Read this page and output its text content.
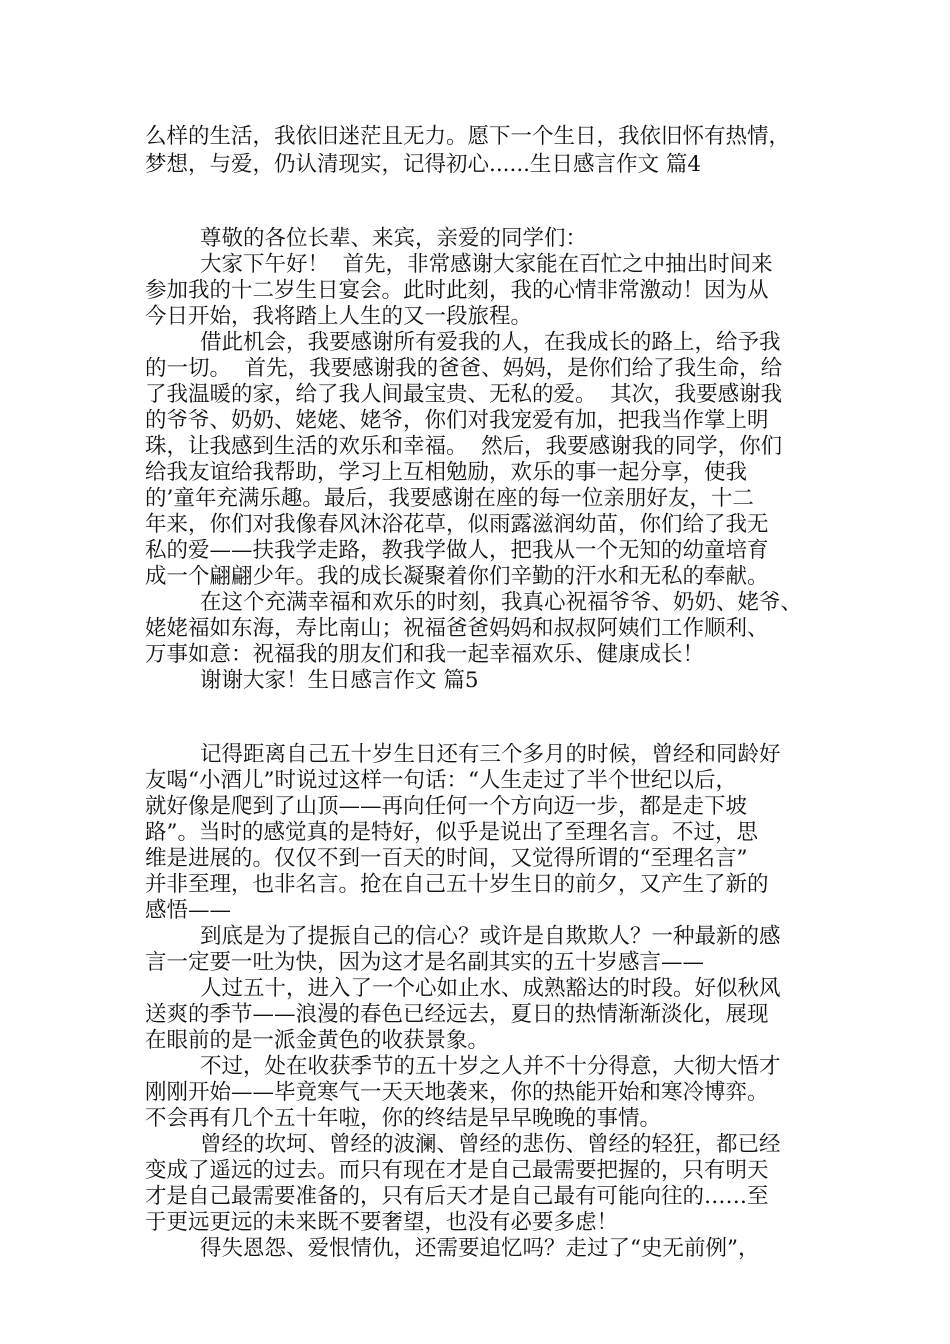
么样的生活，我依旧迷茫且无力。愿下一个生日，我依旧怀有热情，
梦想，与爱，仍认清现实，记得初心......生日感言作文 篇4
尊敬的各位长辈、来宾，亲爱的同学们：
大家下午好！  首先，非常感谢大家能在百忙之中抽出时间来
参加我的十二岁生日宴会。此时此刻，我的心情非常激动！因为从
今日开始，我将踏上人生的又一段旅程。
借此机会，我要感谢所有爱我的人，在我成长的路上，给予我
的一切。  首先，我要感谢我的爸爸、妈妈，是你们给了我生命，给
了我温暖的家，给了我人间最宝贵、无私的爱。  其次，我要感谢我
的爷爷、奶奶、姥姥、姥爷，你们对我宠爱有加，把我当作掌上明
珠，让我感到生活的欢乐和幸福。  然后，我要感谢我的同学，你们
给我友谊给我帮助，学习上互相勉励，欢乐的事一起分享，使我
的’童年充满乐趣。最后，我要感谢在座的每一位亲朋好友，十二
年来，你们对我像春风沐浴花草，似雨露滋润幼苗，你们给了我无
私的爱——扶我学走路，教我学做人，把我从一个无知的幼童培育
成一个翩翩少年。我的成长凝聚着你们辛勤的汗水和无私的奉献。
在这个充满幸福和欢乐的时刻，我真心祝福爷爷、奶奶、姥爷、
姥姥福如东海，寿比南山；祝福爸爸妈妈和叔叔阿姨们工作顺利、
万事如意：祝福我的朋友们和我一起幸福欢乐、健康成长！
谢谢大家！生日感言作文 篇5
记得距离自己五十岁生日还有三个多月的时候，曾经和同龄好
友喝“小酒儿”时说过这样一句话：“人生走过了半个世纪以后，
就好像是爬到了山顶——再向任何一个方向迈一步，都是走下坡
路”。当时的感觉真的是特好，似乎是说出了至理名言。不过，思
维是进展的。仅仅不到一百天的时间，又觉得所谓的“至理名言”
并非至理，也非名言。抢在自己五十岁生日的前夕，又产生了新的
感悟——
到底是为了提振自己的信心？或许是自欺欺人？一种最新的感
言一定要一吐为快，因为这才是名副其实的五十岁感言——
人过五十，进入了一个心如止水、成熟豁达的时段。好似秋风
送爽的季节——浪漫的春色已经远去，夏日的热情渐渐淡化，展现
在眼前的是一派金黄色的收获景象。
不过，处在收获季节的五十岁之人并不十分得意，大彻大悟才
刚刚开始——毕竟寒气一天天地袭来，你的热能开始和寒冷博弈。
不会再有几个五十年啦，你的终结是早早晚晚的事情。
曾经的坎坷、曾经的波澜、曾经的悲伤、曾经的轻狂，都已经
变成了遥远的过去。而只有现在才是自己最需要把握的，只有明天
才是自己最需要准备的，只有后天才是自己最有可能向往的……至
于更远更远的未来既不要奢望，也没有必要多虑！
得失恩怨、爱恨情仇，还需要追忆吗？走过了“史无前例”，
